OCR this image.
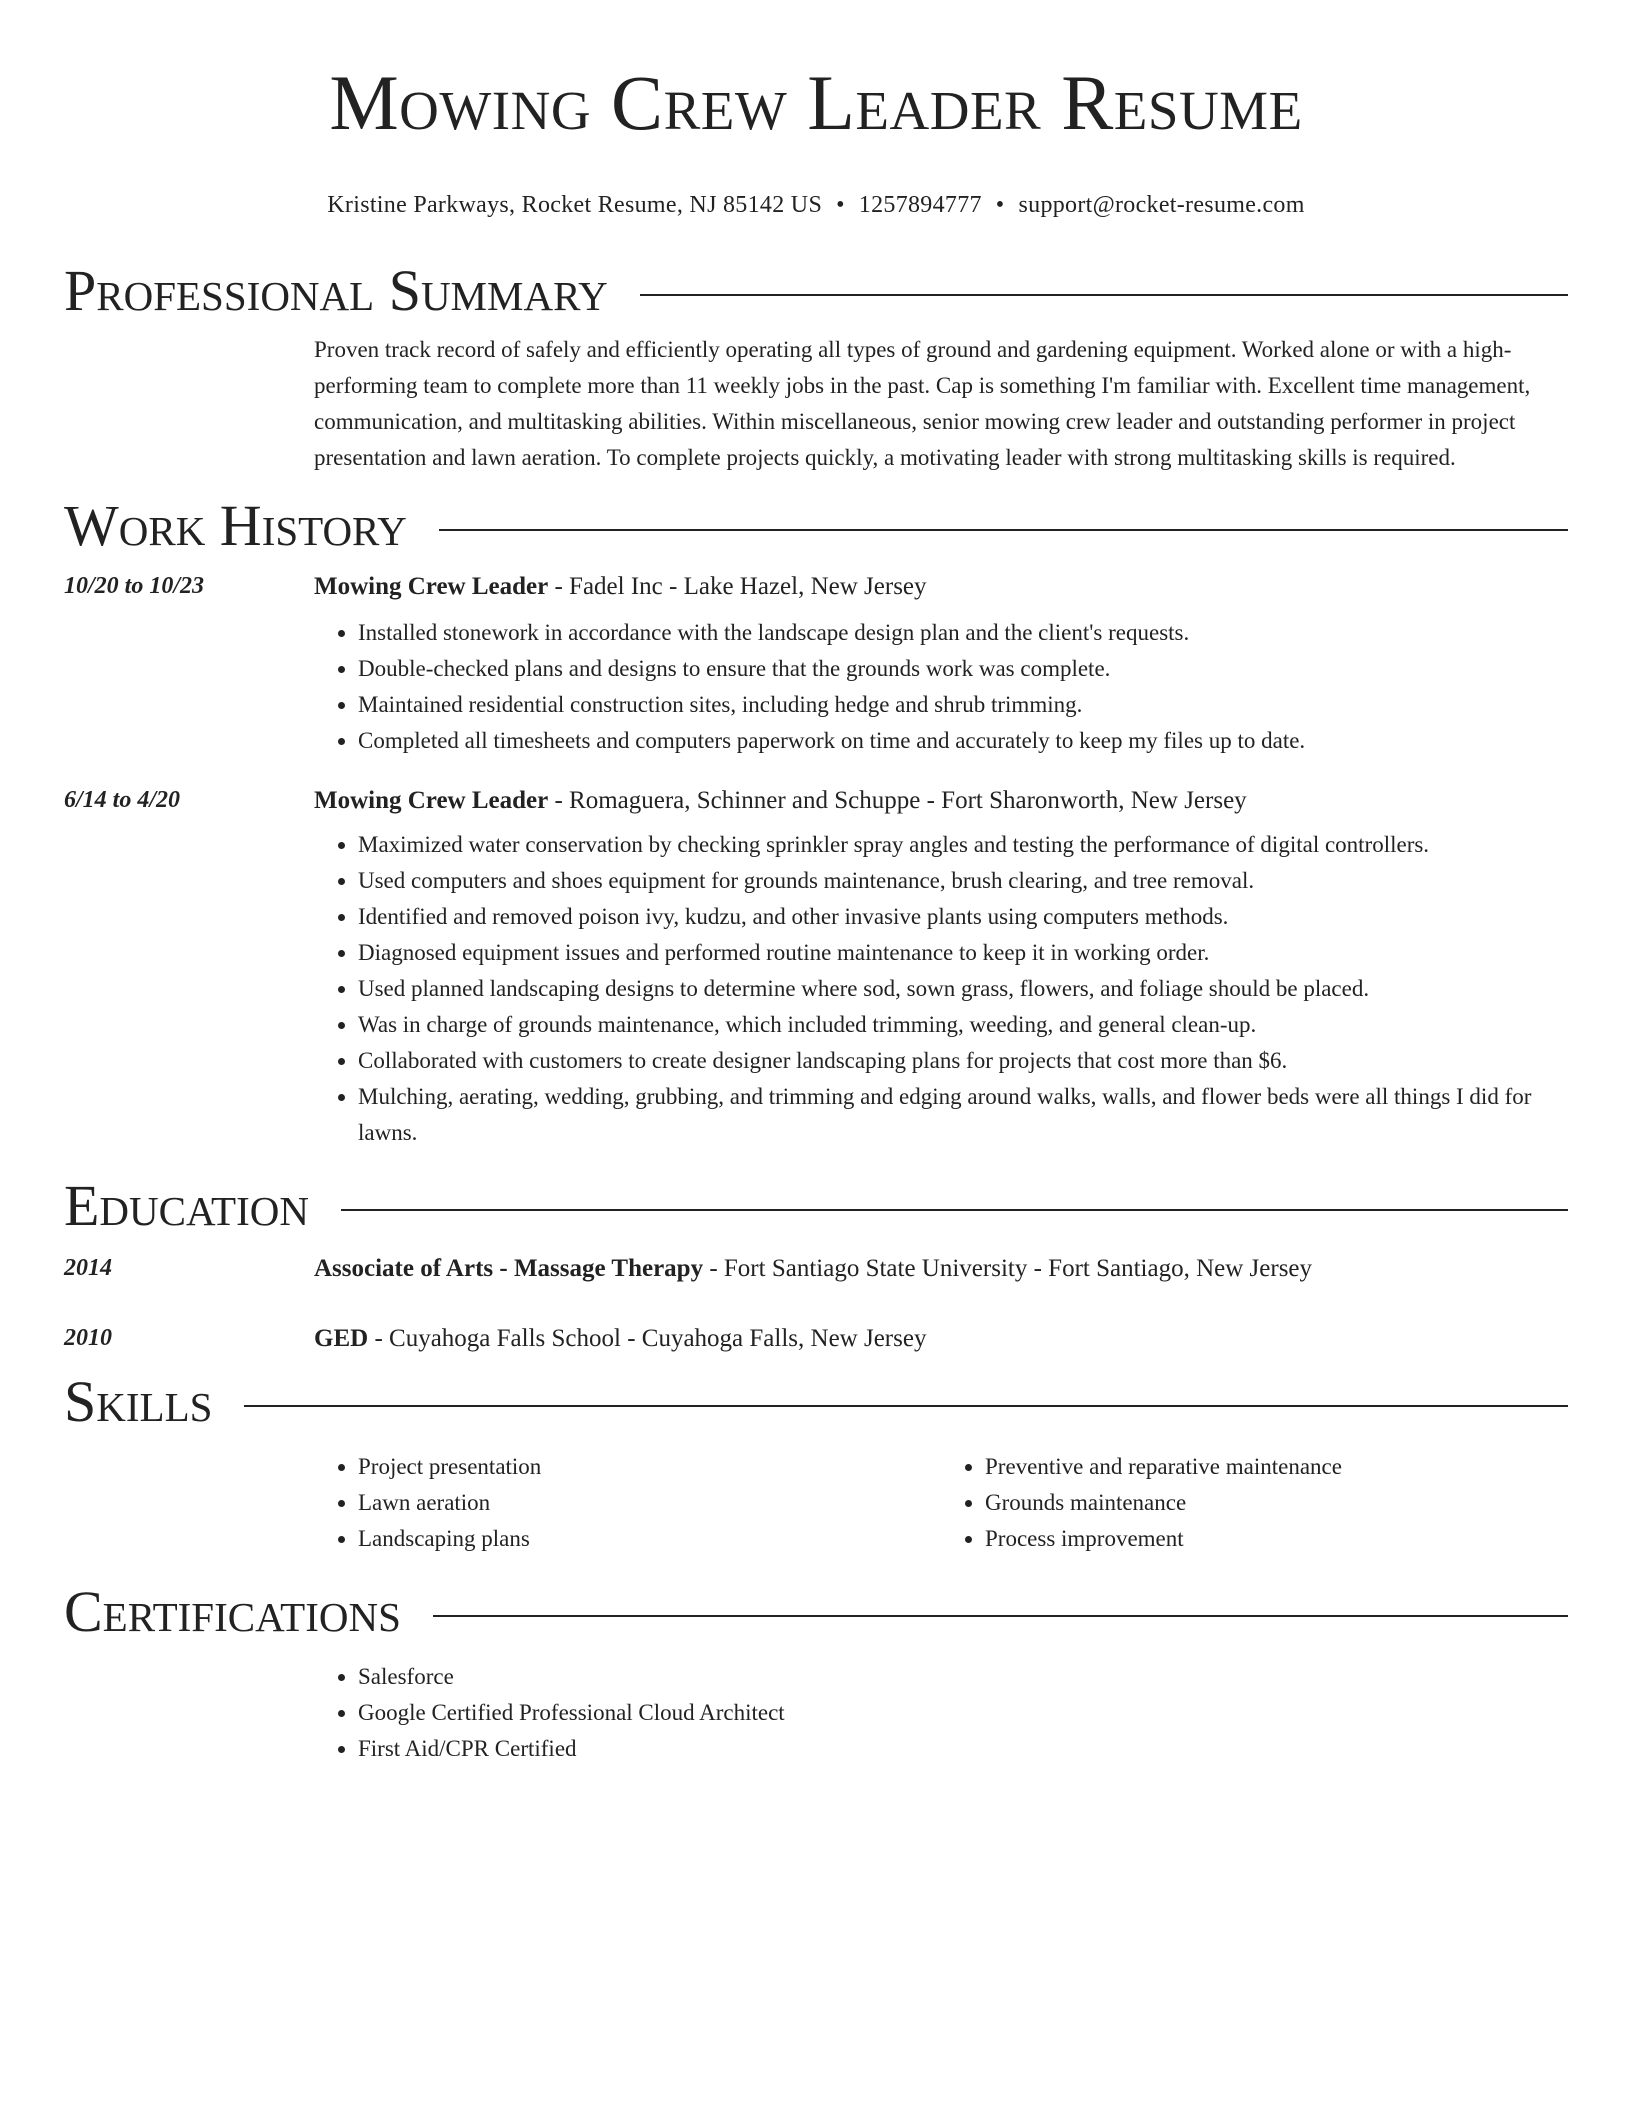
Mowing Crew Leader Resume
Kristine Parkways, Rocket Resume, NJ 85142 US • 1257894777 • support@rocket-resume.com
Professional Summary

Proven track record of safely and efficiently operating all types of ground and gardening equipment. Worked alone or with a high-performing team to complete more than 11 weekly jobs in the past. Cap is something I'm familiar with. Excellent time management, communication, and multitasking abilities. Within miscellaneous, senior mowing crew leader and outstanding performer in project presentation and lawn aeration. To complete projects quickly, a motivating leader with strong multitasking skills is required.

Work History
10/20 to 10/23	Mowing Crew Leader - Fadel Inc - Lake Hazel, New Jersey
• Installed stonework in accordance with the landscape design plan and the client's requests.
• Double-checked plans and designs to ensure that the grounds work was complete.
• Maintained residential construction sites, including hedge and shrub trimming.
• Completed all timesheets and computers paperwork on time and accurately to keep my files up to date.
6/14 to 4/20	Mowing Crew Leader - Romaguera, Schinner and Schuppe - Fort Sharonworth, New Jersey
• Maximized water conservation by checking sprinkler spray angles and testing the performance of digital controllers.
• Used computers and shoes equipment for grounds maintenance, brush clearing, and tree removal.
• Identified and removed poison ivy, kudzu, and other invasive plants using computers methods.
• Diagnosed equipment issues and performed routine maintenance to keep it in working order.
• Used planned landscaping designs to determine where sod, sown grass, flowers, and foliage should be placed.
• Was in charge of grounds maintenance, which included trimming, weeding, and general clean-up.
• Collaborated with customers to create designer landscaping plans for projects that cost more than $6.
• Mulching, aerating, wedding, grubbing, and trimming and edging around walks, walls, and flower beds were all things I did for lawns.
Education
2014	Associate of Arts - Massage Therapy - Fort Santiago State University - Fort Santiago, New Jersey
2010	GED - Cuyahoga Falls School - Cuyahoga Falls, New Jersey
Skills
• Project presentation
• Lawn aeration
• Landscaping plans
• Preventive and reparative maintenance
• Grounds maintenance
• Process improvement
Certifications
• Salesforce
• Google Certified Professional Cloud Architect
• First Aid/CPR Certified
